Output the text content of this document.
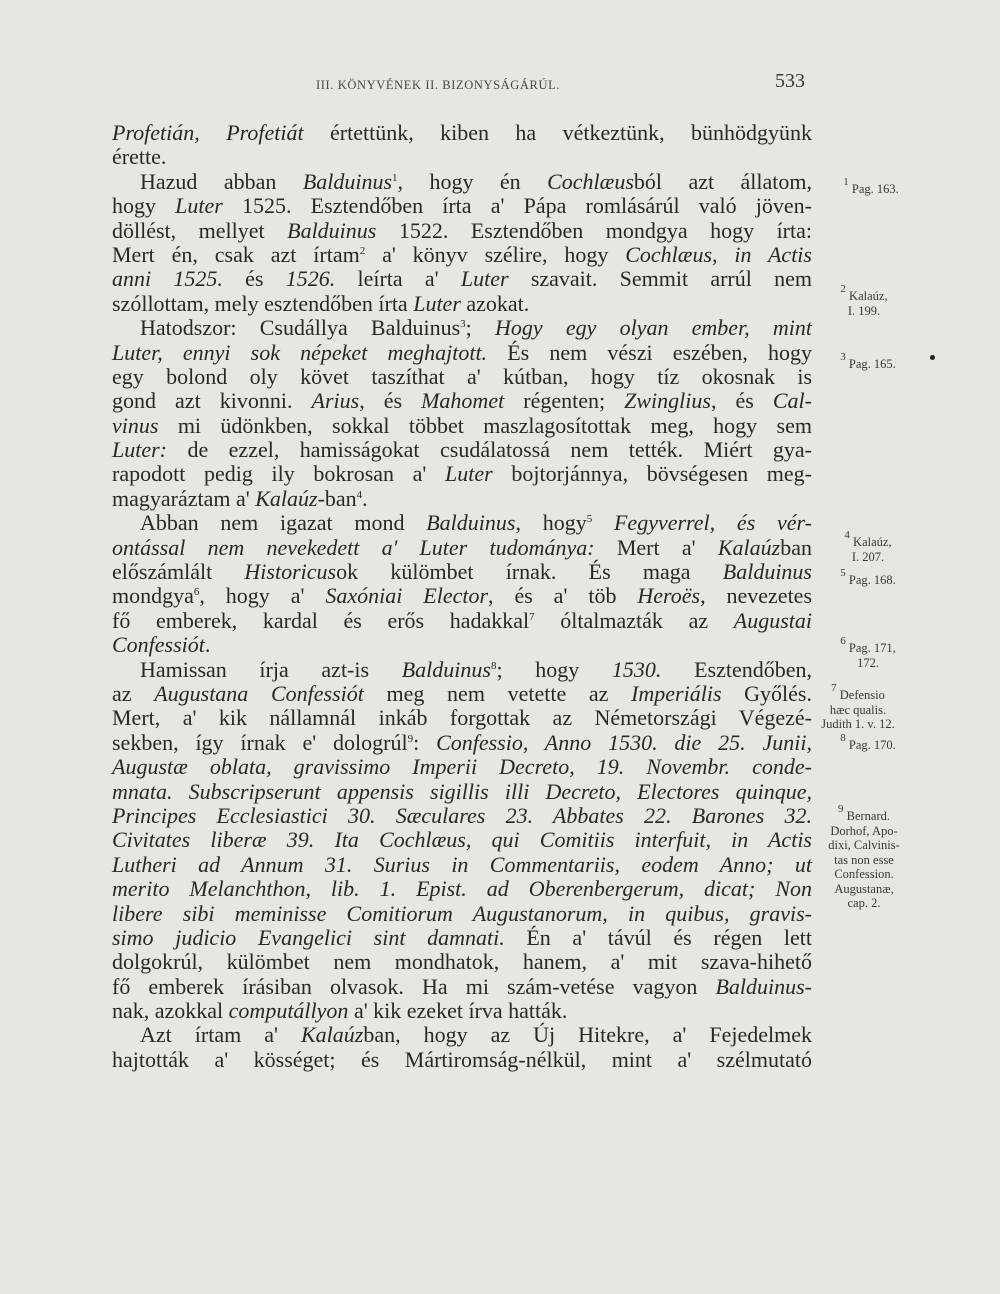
III. KÖNYVÉNEK II. BIZONYSÁGÁRÚL.	533
Profetián, Profetiát értettünk, kiben ha vétkeztünk, bünhödgyünk
érette.
Hazud abban Balduinus$^1$, hogy én Cochlæusból azt állatom,
hogy Luter 1525. Esztendőben írta a' Pápa romlásárúl való jöven-
döllést, mellyet Balduinus 1522. Esztendőben mondgya hogy írta:
Mert én, csak azt írtam$^2$ a' könyv szélire, hogy Cochlæus, in Actis
anni 1525. és 1526. leírta a' Luter szavait. Semmit arrúl nem
szóllottam, mely esztendőben írta Luter azokat.
Hatodszor: Csudállya Balduinus$^3$; Hogy egy olyan ember, mint
Luter, ennyi sok népeket meghajtott. És nem vészi eszében, hogy
egy bolond oly követ taszíthat a' kútban, hogy tíz okosnak is
gond azt kivonni. Arius, és Mahomet régenten; Zwinglius, és Cal-
vinus mi üdönkben, sokkal többet maszlagosítottak meg, hogy sem
Luter: de ezzel, hamisságokat csudálatossá nem tették. Miért gya-
rapodott pedig ily bokrosan a' Luter bojtorjánnya, bövségesen meg-
magyaráztam a' Kalaúz-ban$^4$.
Abban nem igazat mond Balduinus, hogy$^5$ Fegyverrel, és vér-
ontással nem nevekedett a' Luter tudománya: Mert a' Kalaúzban
előszámlált Historicusok külömbet írnak. És maga Balduinus
mondgya$^6$, hogy a' Saxóniai Elector, és a' töb Heroës, nevezetes
fő emberek, kardal és erős hadakkal$^7$ óltalmazták az Augustai
Confessiót.
Hamissan írja azt-is Balduinus$^8$; hogy 1530. Esztendőben,
az Augustana Confessiót meg nem vetette az Imperiális Győlés.
Mert, a' kik nállamnál inkáb forgottak az Németországi Végezé-
sekben, így írnak e' dologrúl$^9$: Confessio, Anno 1530. die 25. Junii,
Augustæ oblata, gravissimo Imperii Decreto, 19. Novembr. conde-
mnata. Subscripserunt appensis sigillis illi Decreto, Electores quinque,
Principes Ecclesiastici 30. Sæculares 23. Abbates 22. Barones 32.
Civitates liberæ 39. Ita Cochlæus, qui Comitiis interfuit, in Actis
Lutheri ad Annum 31. Surius in Commentariis, eodem Anno; ut
merito Melanchthon, lib. 1. Epist. ad Oberenbergerum, dicat; Non
libere sibi meminisse Comitiorum Augustanorum, in quibus, gravis-
simo judicio Evangelici sint damnati. Én a' távúl és régen lett
dolgokrúl, külömbet nem mondhatok, hanem, a' mit szava-hihető
fő emberek írásiban olvasok. Ha mi szám-vetése vagyon Balduinus-
nak, azokkal computállyon a' kik ezeket írva hatták.
Azt írtam a' Kalaúzban, hogy az Új Hitekre, a' Fejedelmek
hajtották a' kösséget; és Mártiromság-nélkül, mint a' szélmutató
$^1$ Pag. 163.
$^2$ Kalaúz,
I. 199.
$^3$ Pag. 165.
$^4$ Kalaúz,
I. 207.
$^5$ Pag. 168.
$^6$ Pag. 171,
172.
$^7$ Defensio
hæc qualis.
Judith 1. v. 12.
$^8$ Pag. 170.
$^9$ Bernard.
Dorhof, Apo-
dixi, Calvinis-
tas non esse
Confession.
Augustanæ,
cap. 2.
